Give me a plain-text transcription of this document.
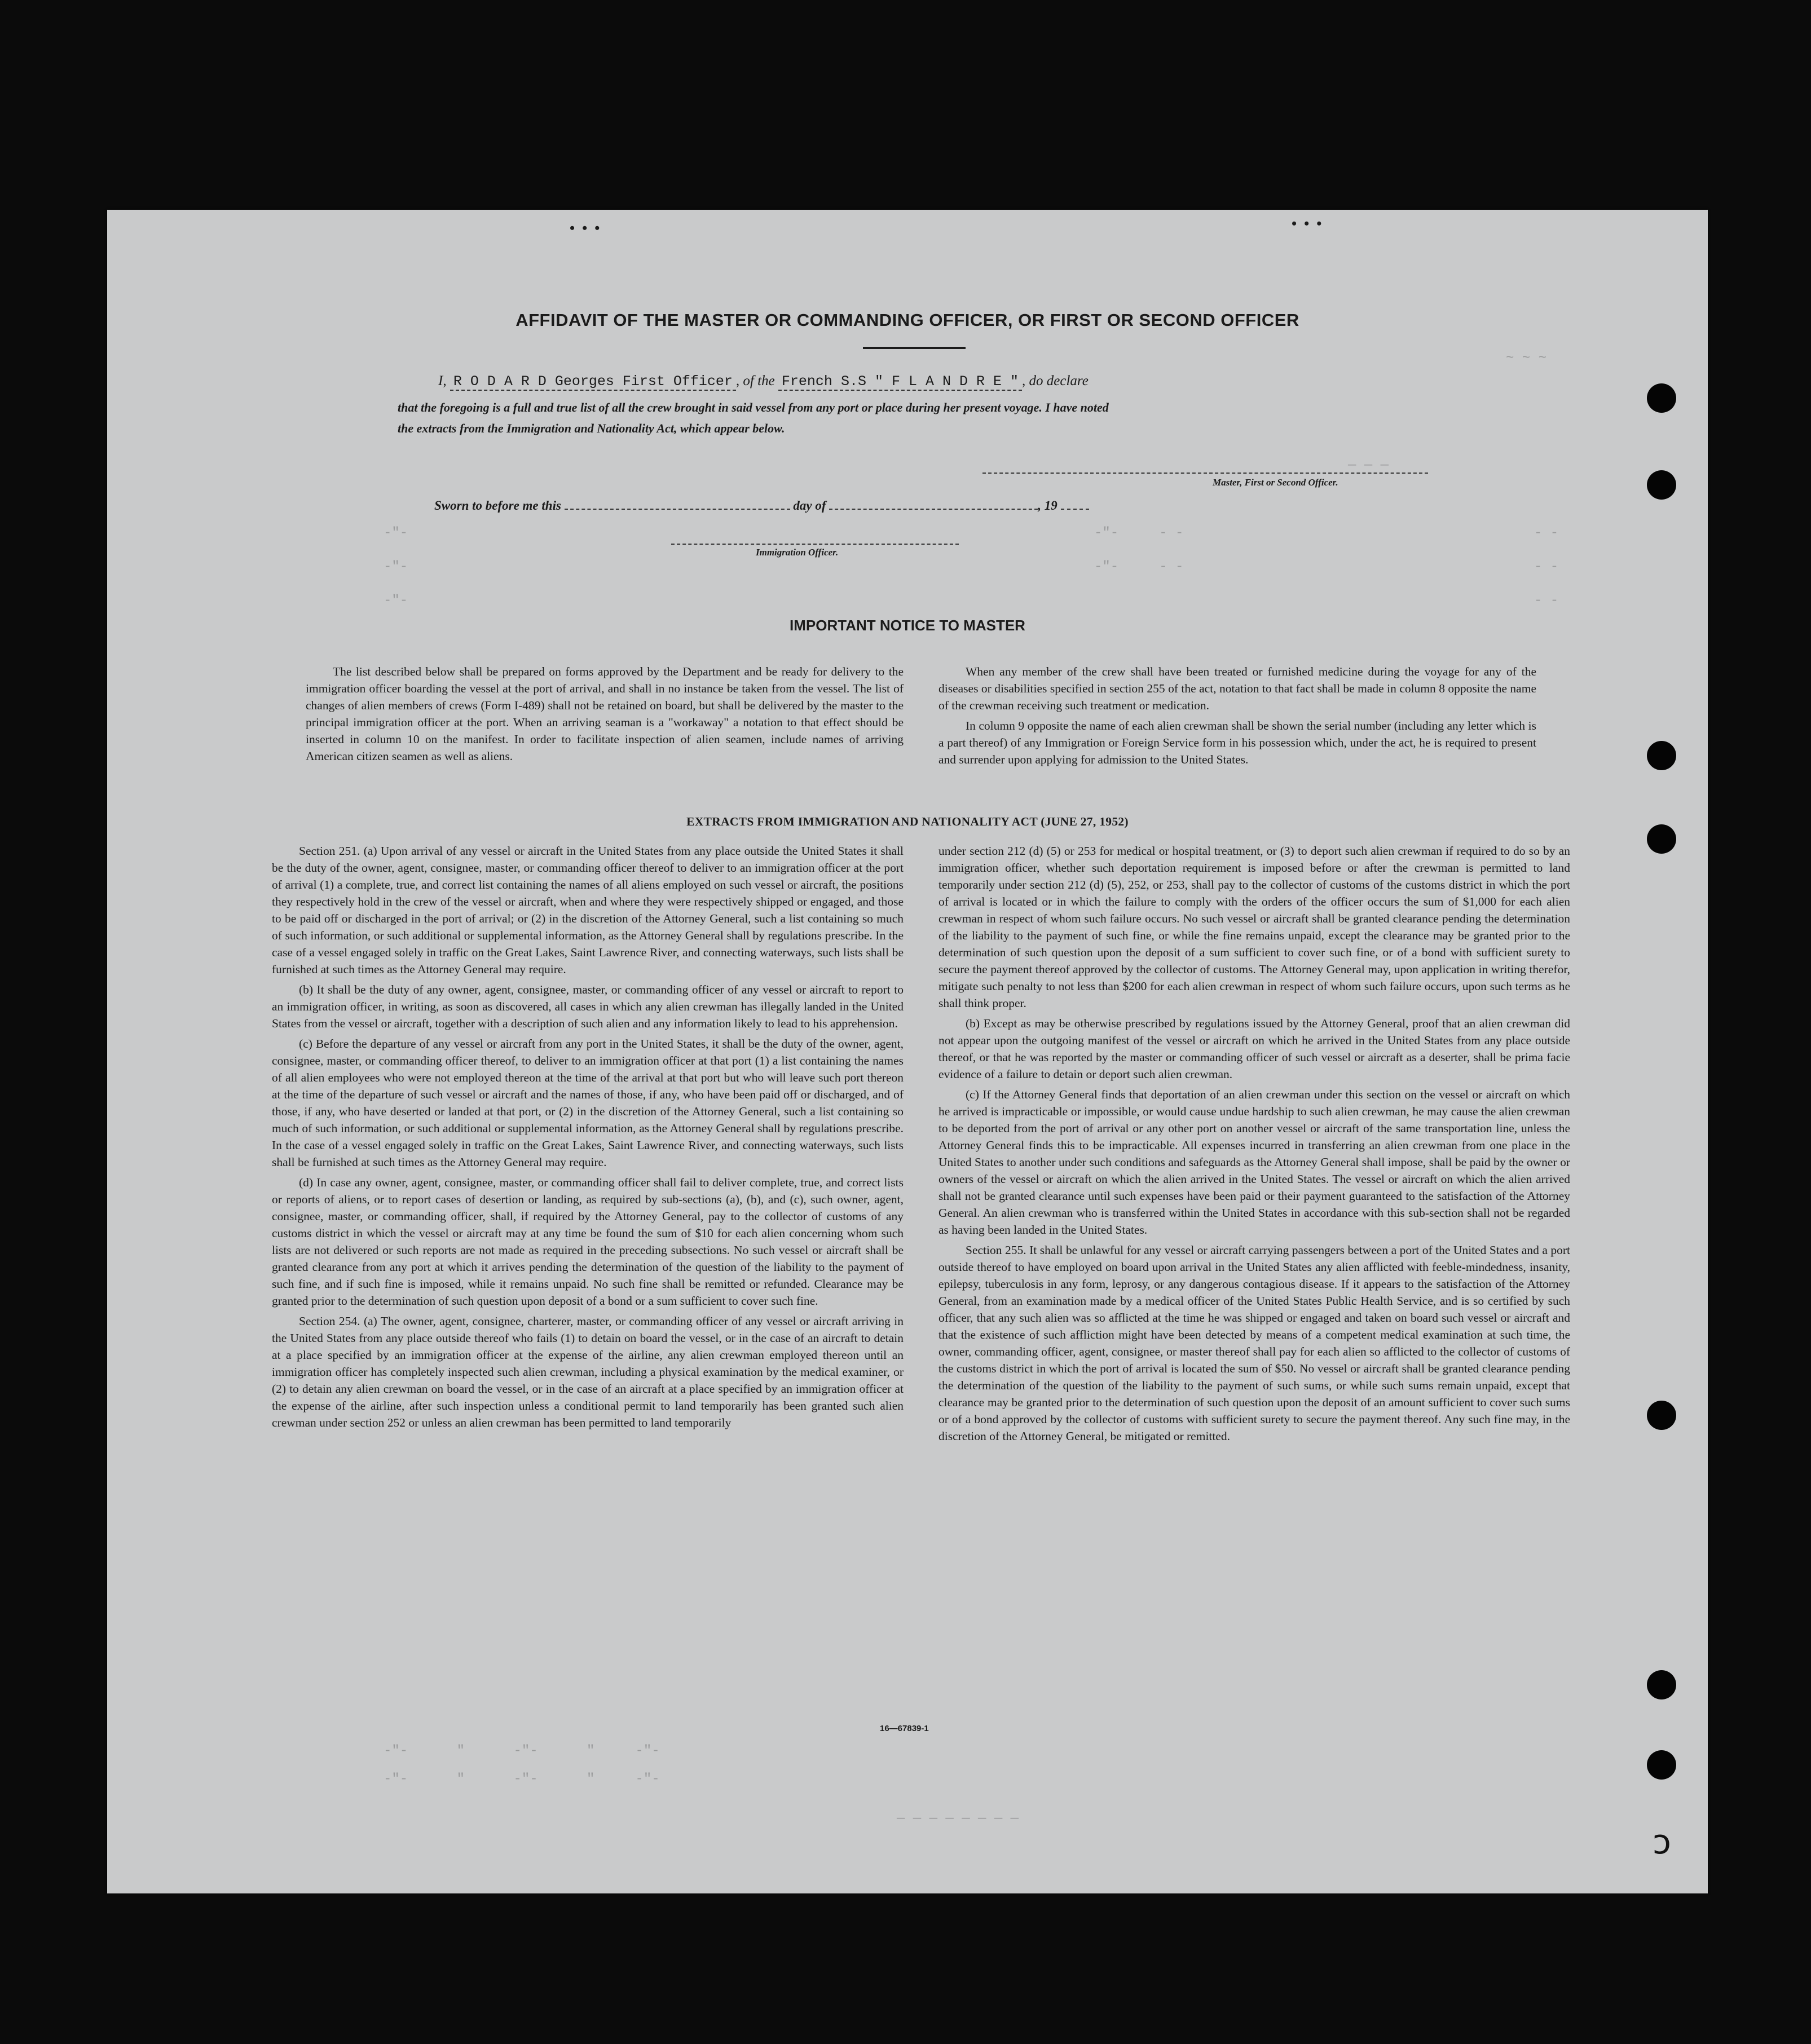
~ ~ ~
— — —
-"-
-"-
-"-
-"-     - -
-"-     - -
- -
- -
- -
-"-      "      -"-      "     -"-
-"-      "      -"-      "     -"-
— — — — — — — —
•  •  •	•  •  •
AFFIDAVIT OF THE MASTER OR COMMANDING OFFICER, OR FIRST OR SECOND OFFICER
I, R O D A R D Georges First Officer , of the French S.S " F L A N D R E " , do declare
that the foregoing is a full and true list of all the crew brought in said vessel from any port or place during her present voyage. I have noted
the extracts from the Immigration and Nationality Act, which appear below.
Master, First or Second Officer.
Sworn to before me this	day of	, 19
Immigration Officer.
IMPORTANT NOTICE TO MASTER

The list described below shall be prepared on forms approved by the Department and be ready for delivery to the immigration officer boarding the vessel at the port of arrival, and shall in no instance be taken from the vessel. The list of changes of alien members of crews (Form I-489) shall not be retained on board, but shall be delivered by the master to the principal immigration officer at the port. When an arriving seaman is a "workaway" a notation to that effect should be inserted in column 10 on the manifest. In order to facilitate inspection of alien seamen, include names of arriving American citizen seamen as well as aliens.

When any member of the crew shall have been treated or furnished medicine during the voyage for any of the diseases or disabilities specified in section 255 of the act, notation to that fact shall be made in column 8 opposite the name of the crewman receiving such treatment or medication.

In column 9 opposite the name of each alien crewman shall be shown the serial number (including any letter which is a part thereof) of any Immigration or Foreign Service form in his possession which, under the act, he is required to present and surrender upon applying for admission to the United States.

EXTRACTS FROM IMMIGRATION AND NATIONALITY ACT (JUNE 27, 1952)

Section 251. (a) Upon arrival of any vessel or aircraft in the United States from any place outside the United States it shall be the duty of the owner, agent, consignee, master, or commanding officer thereof to deliver to an immigration officer at the port of arrival (1) a complete, true, and correct list containing the names of all aliens employed on such vessel or aircraft, the positions they respectively hold in the crew of the vessel or aircraft, when and where they were respectively shipped or engaged, and those to be paid off or discharged in the port of arrival; or (2) in the discretion of the Attorney General, such a list containing so much of such information, or such additional or supplemental information, as the Attorney General shall by regulations prescribe. In the case of a vessel engaged solely in traffic on the Great Lakes, Saint Lawrence River, and connecting waterways, such lists shall be furnished at such times as the Attorney General may require.

(b) It shall be the duty of any owner, agent, consignee, master, or commanding officer of any vessel or aircraft to report to an immigration officer, in writing, as soon as discovered, all cases in which any alien crewman has illegally landed in the United States from the vessel or aircraft, together with a description of such alien and any information likely to lead to his apprehension.

(c) Before the departure of any vessel or aircraft from any port in the United States, it shall be the duty of the owner, agent, consignee, master, or commanding officer thereof, to deliver to an immigration officer at that port (1) a list containing the names of all alien employees who were not employed thereon at the time of the arrival at that port but who will leave such port thereon at the time of the departure of such vessel or aircraft and the names of those, if any, who have been paid off or discharged, and of those, if any, who have deserted or landed at that port, or (2) in the discretion of the Attorney General, such a list containing so much of such information, or such additional or supplemental information, as the Attorney General shall by regulations prescribe. In the case of a vessel engaged solely in traffic on the Great Lakes, Saint Lawrence River, and connecting waterways, such lists shall be furnished at such times as the Attorney General may require.

(d) In case any owner, agent, consignee, master, or commanding officer shall fail to deliver complete, true, and correct lists or reports of aliens, or to report cases of desertion or landing, as required by sub-sections (a), (b), and (c), such owner, agent, consignee, master, or commanding officer, shall, if required by the Attorney General, pay to the collector of customs of any customs district in which the vessel or aircraft may at any time be found the sum of $10 for each alien concerning whom such lists are not delivered or such reports are not made as required in the preceding subsections. No such vessel or aircraft shall be granted clearance from any port at which it arrives pending the determination of the question of the liability to the payment of such fine, and if such fine is imposed, while it remains unpaid. No such fine shall be remitted or refunded. Clearance may be granted prior to the determination of such question upon deposit of a bond or a sum sufficient to cover such fine.

Section 254. (a) The owner, agent, consignee, charterer, master, or commanding officer of any vessel or aircraft arriving in the United States from any place outside thereof who fails (1) to detain on board the vessel, or in the case of an aircraft to detain at a place specified by an immigration officer at the expense of the airline, any alien crewman employed thereon until an immigration officer has completely inspected such alien crewman, including a physical examination by the medical examiner, or (2) to detain any alien crewman on board the vessel, or in the case of an aircraft at a place specified by an immigration officer at the expense of the airline, after such inspection unless a conditional permit to land temporarily has been granted such alien crewman under section 252 or unless an alien crewman has been permitted to land temporarily

under section 212 (d) (5) or 253 for medical or hospital treatment, or (3) to deport such alien crewman if required to do so by an immigration officer, whether such deportation requirement is imposed before or after the crewman is permitted to land temporarily under section 212 (d) (5), 252, or 253, shall pay to the collector of customs of the customs district in which the port of arrival is located or in which the failure to comply with the orders of the officer occurs the sum of $1,000 for each alien crewman in respect of whom such failure occurs. No such vessel or aircraft shall be granted clearance pending the determination of the liability to the payment of such fine, or while the fine remains unpaid, except the clearance may be granted prior to the determination of such question upon the deposit of a sum sufficient to cover such fine, or of a bond with sufficient surety to secure the payment thereof approved by the collector of customs. The Attorney General may, upon application in writing therefor, mitigate such penalty to not less than $200 for each alien crewman in respect of whom such failure occurs, upon such terms as he shall think proper.

(b) Except as may be otherwise prescribed by regulations issued by the Attorney General, proof that an alien crewman did not appear upon the outgoing manifest of the vessel or aircraft on which he arrived in the United States from any place outside thereof, or that he was reported by the master or commanding officer of such vessel or aircraft as a deserter, shall be prima facie evidence of a failure to detain or deport such alien crewman.

(c) If the Attorney General finds that deportation of an alien crewman under this section on the vessel or aircraft on which he arrived is impracticable or impossible, or would cause undue hardship to such alien crewman, he may cause the alien crewman to be deported from the port of arrival or any other port on another vessel or aircraft of the same transportation line, unless the Attorney General finds this to be impracticable. All expenses incurred in transferring an alien crewman from one place in the United States to another under such conditions and safeguards as the Attorney General shall impose, shall be paid by the owner or owners of the vessel or aircraft on which the alien arrived in the United States. The vessel or aircraft on which the alien arrived shall not be granted clearance until such expenses have been paid or their payment guaranteed to the satisfaction of the Attorney General. An alien crewman who is transferred within the United States in accordance with this sub-section shall not be regarded as having been landed in the United States.

Section 255. It shall be unlawful for any vessel or aircraft carrying passengers between a port of the United States and a port outside thereof to have employed on board upon arrival in the United States any alien afflicted with feeble-mindedness, insanity, epilepsy, tuberculosis in any form, leprosy, or any dangerous contagious disease. If it appears to the satisfaction of the Attorney General, from an examination made by a medical officer of the United States Public Health Service, and is so certified by such officer, that any such alien was so afflicted at the time he was shipped or engaged and taken on board such vessel or aircraft and that the existence of such affliction might have been detected by means of a competent medical examination at such time, the owner, commanding officer, agent, consignee, or master thereof shall pay for each alien so afflicted to the collector of customs of the customs district in which the port of arrival is located the sum of $50. No vessel or aircraft shall be granted clearance pending the determination of the question of the liability to the payment of such sums, or while such sums remain unpaid, except that clearance may be granted prior to the determination of such question upon the deposit of an amount sufficient to cover such sums or of a bond approved by the collector of customs with sufficient surety to secure the payment thereof. Any such fine may, in the discretion of the Attorney General, be mitigated or remitted.

16—67839-1
ↄ
